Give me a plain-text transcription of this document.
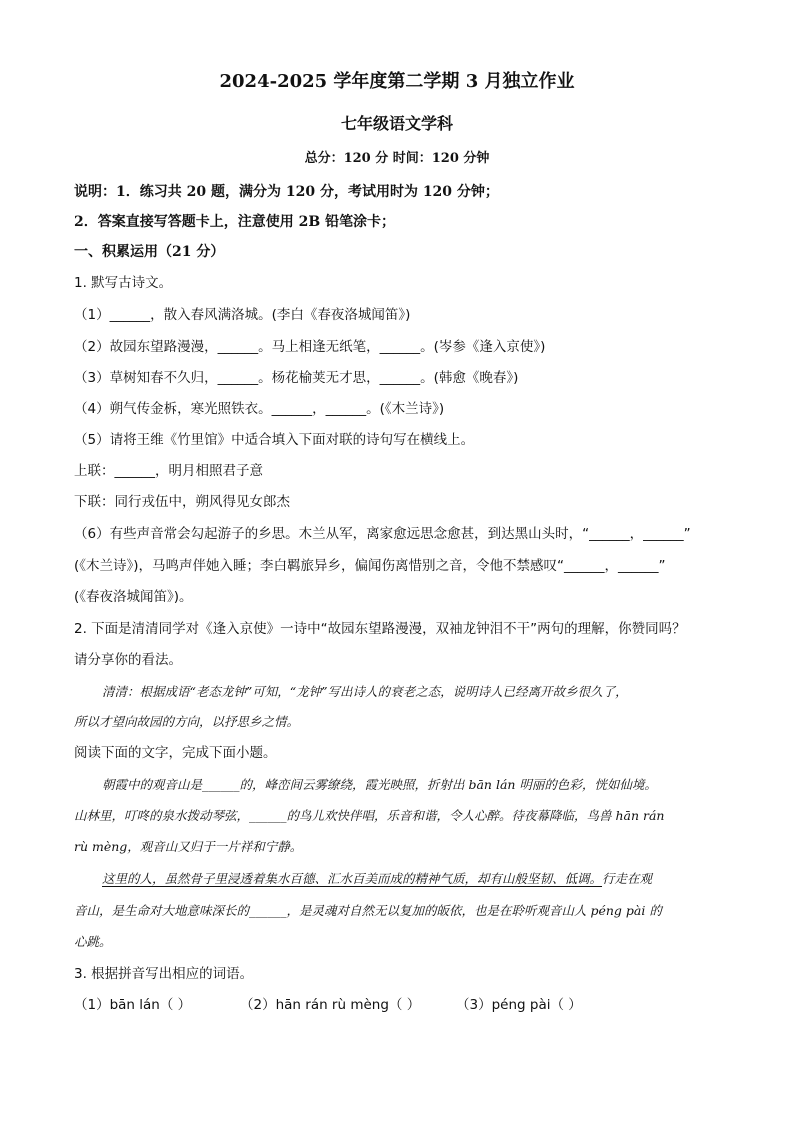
2024-2025 学年度第二学期 3 月独立作业
七年级语文学科
总分：120 分 时间：120 分钟
说明：1．练习共 20 题，满分为 120 分，考试用时为 120 分钟；
2．答案直接写答题卡上，注意使用 2B 铅笔涂卡；
一、积累运用（21 分）
1. 默写古诗文。
（1）______，散入春风满洛城。(李白《春夜洛城闻笛》)
（2）故园东望路漫漫，______。马上相逢无纸笔，______。(岑参《逢入京使》)
（3）草树知春不久归，______。杨花榆荚无才思，______。(韩愈《晚春》)
（4）朔气传金柝，寒光照铁衣。______，______。(《木兰诗》)
（5）请将王维《竹里馆》中适合填入下面对联的诗句写在横线上。
上联：______，明月相照君子意
下联：同行戎伍中，朔风得见女郎杰
（6）有些声音常会勾起游子的乡思。木兰从军，离家愈远思念愈甚，到达黑山头时，“______，______”
(《木兰诗》)，马鸣声伴她入睡；李白羁旅异乡，偏闻伤离惜别之音，令他不禁感叹“______，______”
(《春夜洛城闻笛》)。
2. 下面是清清同学对《逢入京使》一诗中“故园东望路漫漫，双袖龙钟泪不干”两句的理解，你赞同吗？
请分享你的看法。
清清：根据成语“老态龙钟”可知，“龙钟”写出诗人的衰老之态，说明诗人已经离开故乡很久了，
所以才望向故园的方向，以抒思乡之情。
阅读下面的文字，完成下面小题。
朝霞中的观音山是______的，峰峦间云雾缭绕，霞光映照，折射出 bān lán 明丽的色彩，恍如仙境。
山林里，叮咚的泉水拨动琴弦，______的鸟儿欢快伴唱，乐音和谐，令人心醉。待夜幕降临，鸟兽 hān rán
rù mèng，观音山又归于一片祥和宁静。
这里的人，虽然骨子里浸透着集水百德、汇水百美而成的精神气质，却有山般坚韧、低调。行走在观
音山，是生命对大地意味深长的______，是灵魂对自然无以复加的皈依，也是在聆听观音山人 péng pài 的
心跳。
3. 根据拼音写出相应的词语。
（1）bān lán（ ）	（2）hān rán rù mèng（ ）	（3）péng pài（ ）
